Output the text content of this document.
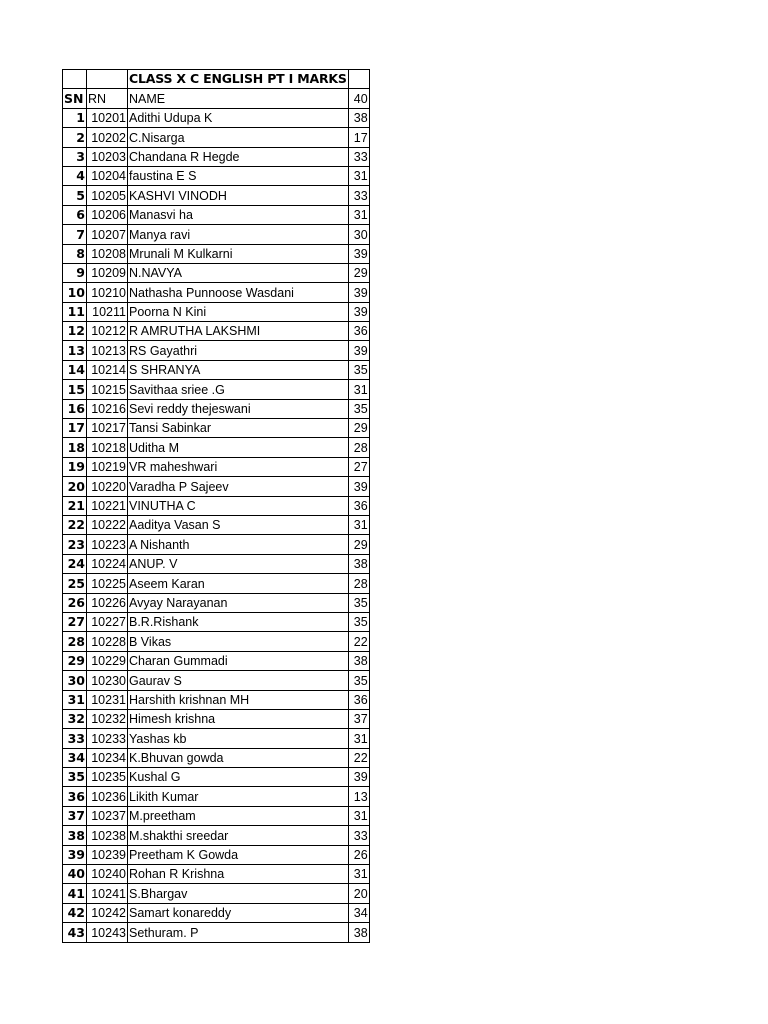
		CLASS X C ENGLISH PT I MARKS	
SN	RN	NAME	40
1	10201	Adithi Udupa K	38
2	10202	C.Nisarga	17
3	10203	Chandana R Hegde	33
4	10204	faustina E S	31
5	10205	KASHVI VINODH	33
6	10206	Manasvi ha	31
7	10207	Manya ravi	30
8	10208	Mrunali M Kulkarni	39
9	10209	N.NAVYA	29
10	10210	Nathasha Punnoose Wasdani	39
11	10211	Poorna N Kini	39
12	10212	R AMRUTHA LAKSHMI	36
13	10213	RS Gayathri	39
14	10214	S SHRANYA	35
15	10215	Savithaa sriee .G	31
16	10216	Sevi reddy thejeswani	35
17	10217	Tansi Sabinkar	29
18	10218	Uditha M	28
19	10219	VR maheshwari	27
20	10220	Varadha P Sajeev	39
21	10221	VINUTHA C	36
22	10222	Aaditya Vasan S	31
23	10223	A Nishanth	29
24	10224	ANUP. V	38
25	10225	Aseem Karan	28
26	10226	Avyay Narayanan	35
27	10227	B.R.Rishank	35
28	10228	B Vikas	22
29	10229	Charan Gummadi	38
30	10230	Gaurav S	35
31	10231	Harshith krishnan MH	36
32	10232	Himesh krishna	37
33	10233	Yashas kb	31
34	10234	K.Bhuvan gowda	22
35	10235	Kushal G	39
36	10236	Likith Kumar	13
37	10237	M.preetham	31
38	10238	M.shakthi sreedar	33
39	10239	Preetham K Gowda	26
40	10240	Rohan R Krishna	31
41	10241	S.Bhargav	20
42	10242	Samart konareddy	34
43	10243	Sethuram. P	38
